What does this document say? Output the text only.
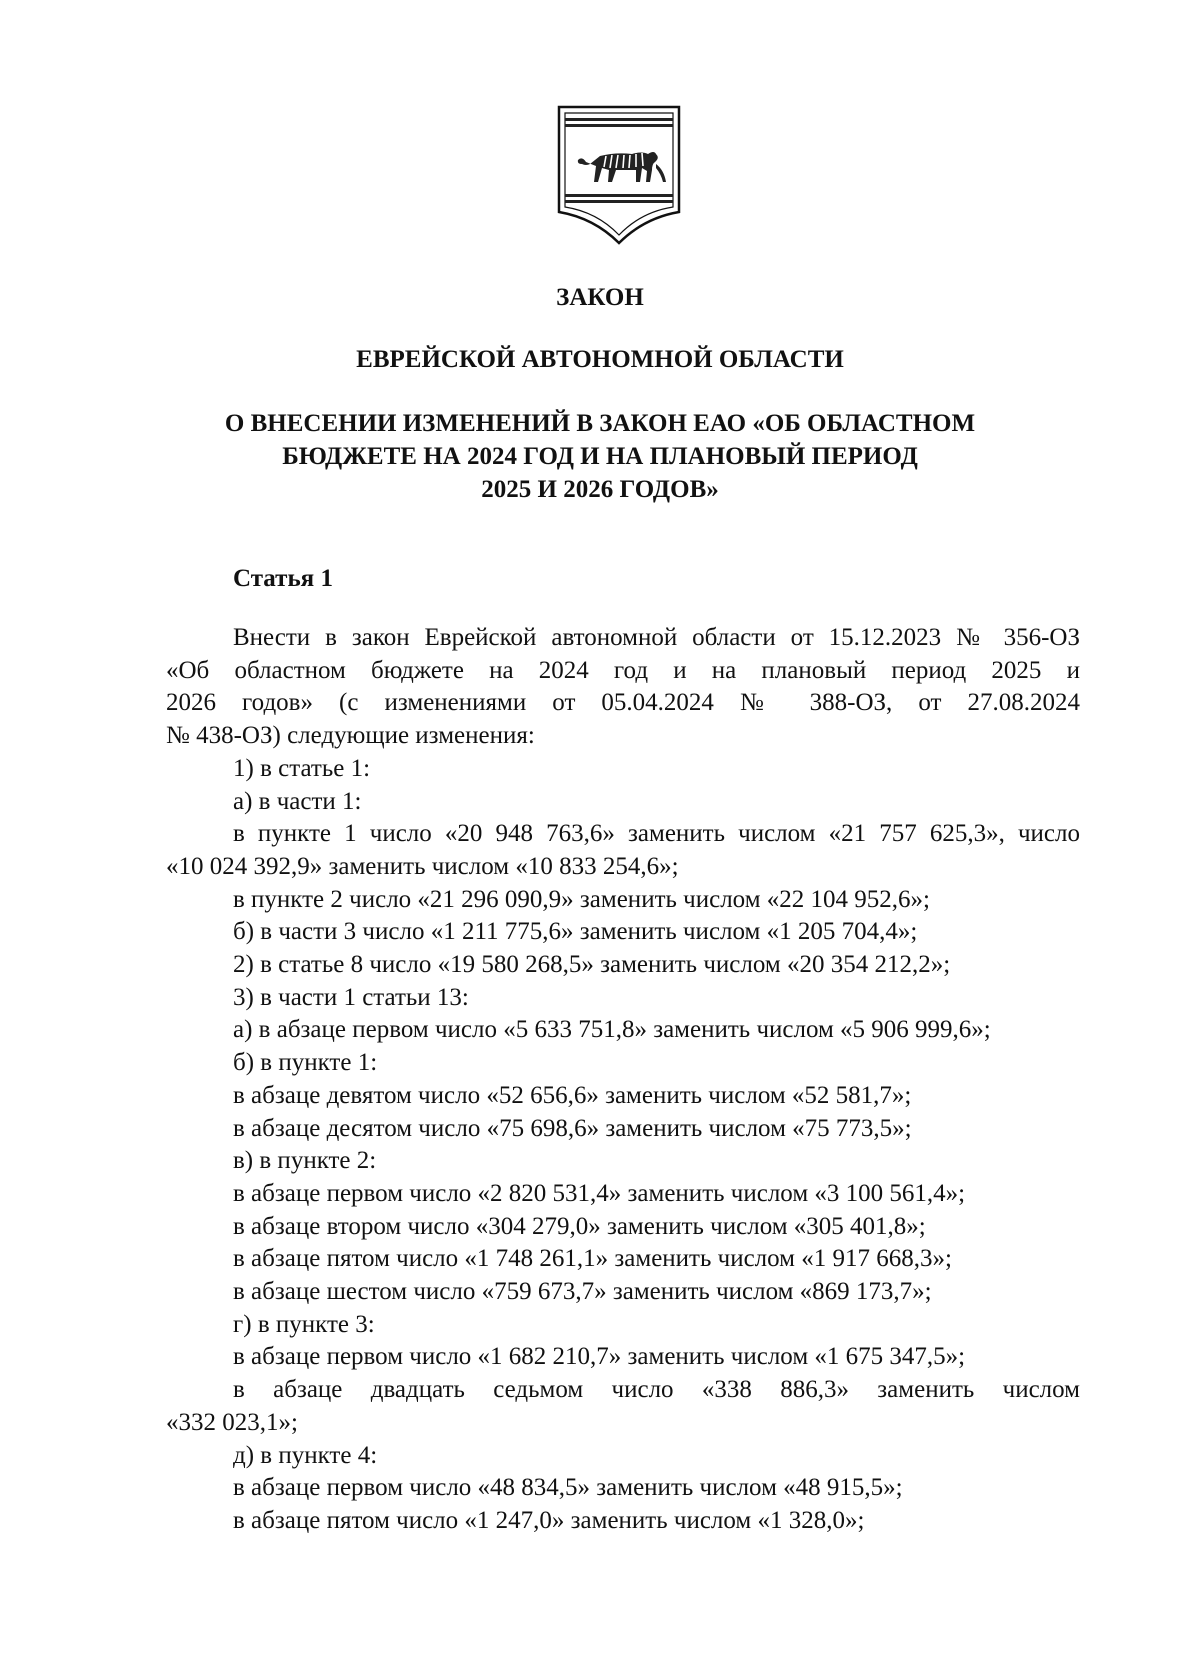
ЗАКОН
ЕВРЕЙСКОЙ АВТОНОМНОЙ ОБЛАСТИ
О ВНЕСЕНИИ ИЗМЕНЕНИЙ В ЗАКОН ЕАО «ОБ ОБЛАСТНОМ
БЮДЖЕТЕ НА 2024 ГОД И НА ПЛАНОВЫЙ ПЕРИОД
2025 И 2026 ГОДОВ»
Статья 1

Внести в закон Еврейской автономной области от 15.12.2023 № 356-ОЗ

«Об областном бюджете на 2024 год и на плановый период 2025 и

2026 годов» (с изменениями от 05.04.2024 № 388-ОЗ, от 27.08.2024

№ 438-ОЗ) следующие изменения:

1) в статье 1:

а) в части 1:

в пункте 1 число «20 948 763,6» заменить числом «21 757 625,3», число

«10 024 392,9» заменить числом «10 833 254,6»;

в пункте 2 число «21 296 090,9» заменить числом «22 104 952,6»;

б) в части 3 число «1 211 775,6» заменить числом «1 205 704,4»;

2) в статье 8 число «19 580 268,5» заменить числом «20 354 212,2»;

3) в части 1 статьи 13:

а) в абзаце первом число «5 633 751,8» заменить числом «5 906 999,6»;

б) в пункте 1:

в абзаце девятом число «52 656,6» заменить числом «52 581,7»;

в абзаце десятом число «75 698,6» заменить числом «75 773,5»;

в) в пункте 2:

в абзаце первом число «2 820 531,4» заменить числом «3 100 561,4»;

в абзаце втором число «304 279,0» заменить числом «305 401,8»;

в абзаце пятом число «1 748 261,1» заменить числом «1 917 668,3»;

в абзаце шестом число «759 673,7» заменить числом «869 173,7»;

г) в пункте 3:

в абзаце первом число «1 682 210,7» заменить числом «1 675 347,5»;

в абзаце двадцать седьмом число «338 886,3» заменить числом

«332 023,1»;

д) в пункте 4:

в абзаце первом число «48 834,5» заменить числом «48 915,5»;

в абзаце пятом число «1 247,0» заменить числом «1 328,0»;
